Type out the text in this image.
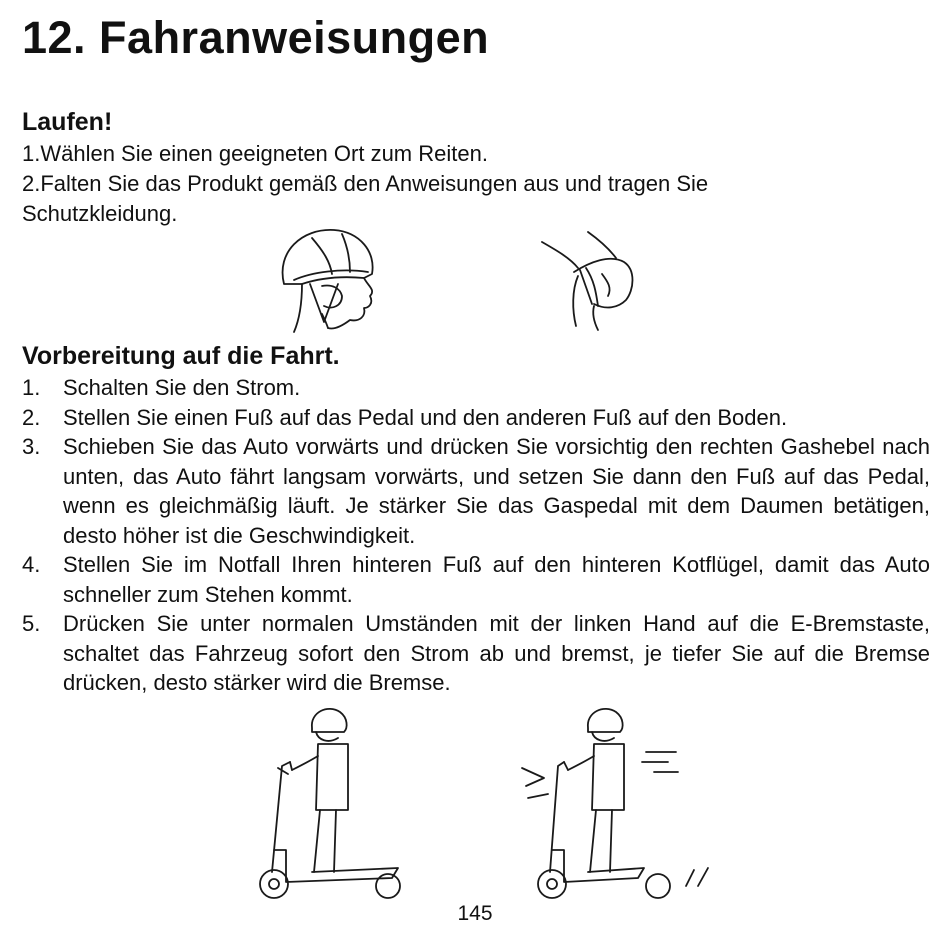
12. Fahranweisungen
Laufen!

1.Wählen Sie einen geeigneten Ort zum Reiten.

2.Falten Sie das Produkt gemäß den Anweisungen aus und tragen Sie Schutzkleidung.

Vorbereitung auf die Fahrt.
1. Schalten Sie den Strom.
2. Stellen Sie einen Fuß auf das Pedal und den anderen Fuß auf den Boden.
3. Schieben Sie das Auto vorwärts und drücken Sie vorsichtig den rechten Gashebel nach unten, das Auto fährt langsam vorwärts, und setzen Sie dann den Fuß auf das Pedal, wenn es gleichmäßig läuft. Je stärker Sie das Gaspedal mit dem Daumen betätigen, desto höher ist die Geschwindigkeit.
4. Stellen Sie im Notfall Ihren hinteren Fuß auf den hinteren Kotflügel, damit das Auto schneller zum Stehen kommt.
5. Drücken Sie unter normalen Umständen mit der linken Hand auf die E-Bremstaste, schaltet das Fahrzeug sofort den Strom ab und bremst, je tiefer Sie auf die Bremse drücken, desto stärker wird die Bremse.
145
